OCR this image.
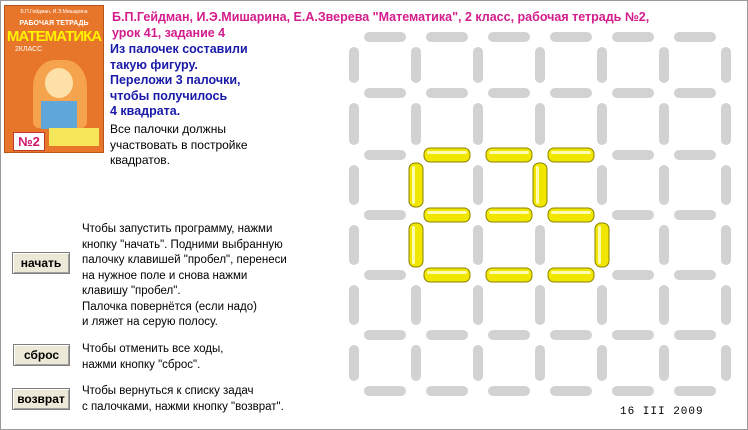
Б.П.Гейдман, И.Э.Мишарина
РАБОЧАЯ ТЕТРАДЬ
МАТЕМАТИКА
2КЛАСС
№2
Б.П.Гейдман, И.Э.Мишарина, Е.А.Зверева "Математика", 2 класс, рабочая тетрадь №2,
урок 41, задание 4
Из палочек составили
такую фигуру.
Переложи 3 палочки,
чтобы получилось
4 квадрата.
Все палочки должны
участвовать в постройке
квадратов.
Чтобы запустить программу, нажми
кнопку "начать". Подними выбранную
палочку клавишей "пробел", перенеси
на нужное поле и снова нажми
клавишу "пробел".
Палочка повернётся (если надо)
и ляжет на серую полосу.
начать
Чтобы отменить все ходы,
нажми кнопку "сброс".
сброс
Чтобы вернуться к списку задач
с палочками, нажми кнопку "возврат".
возврат
16 III 2009
